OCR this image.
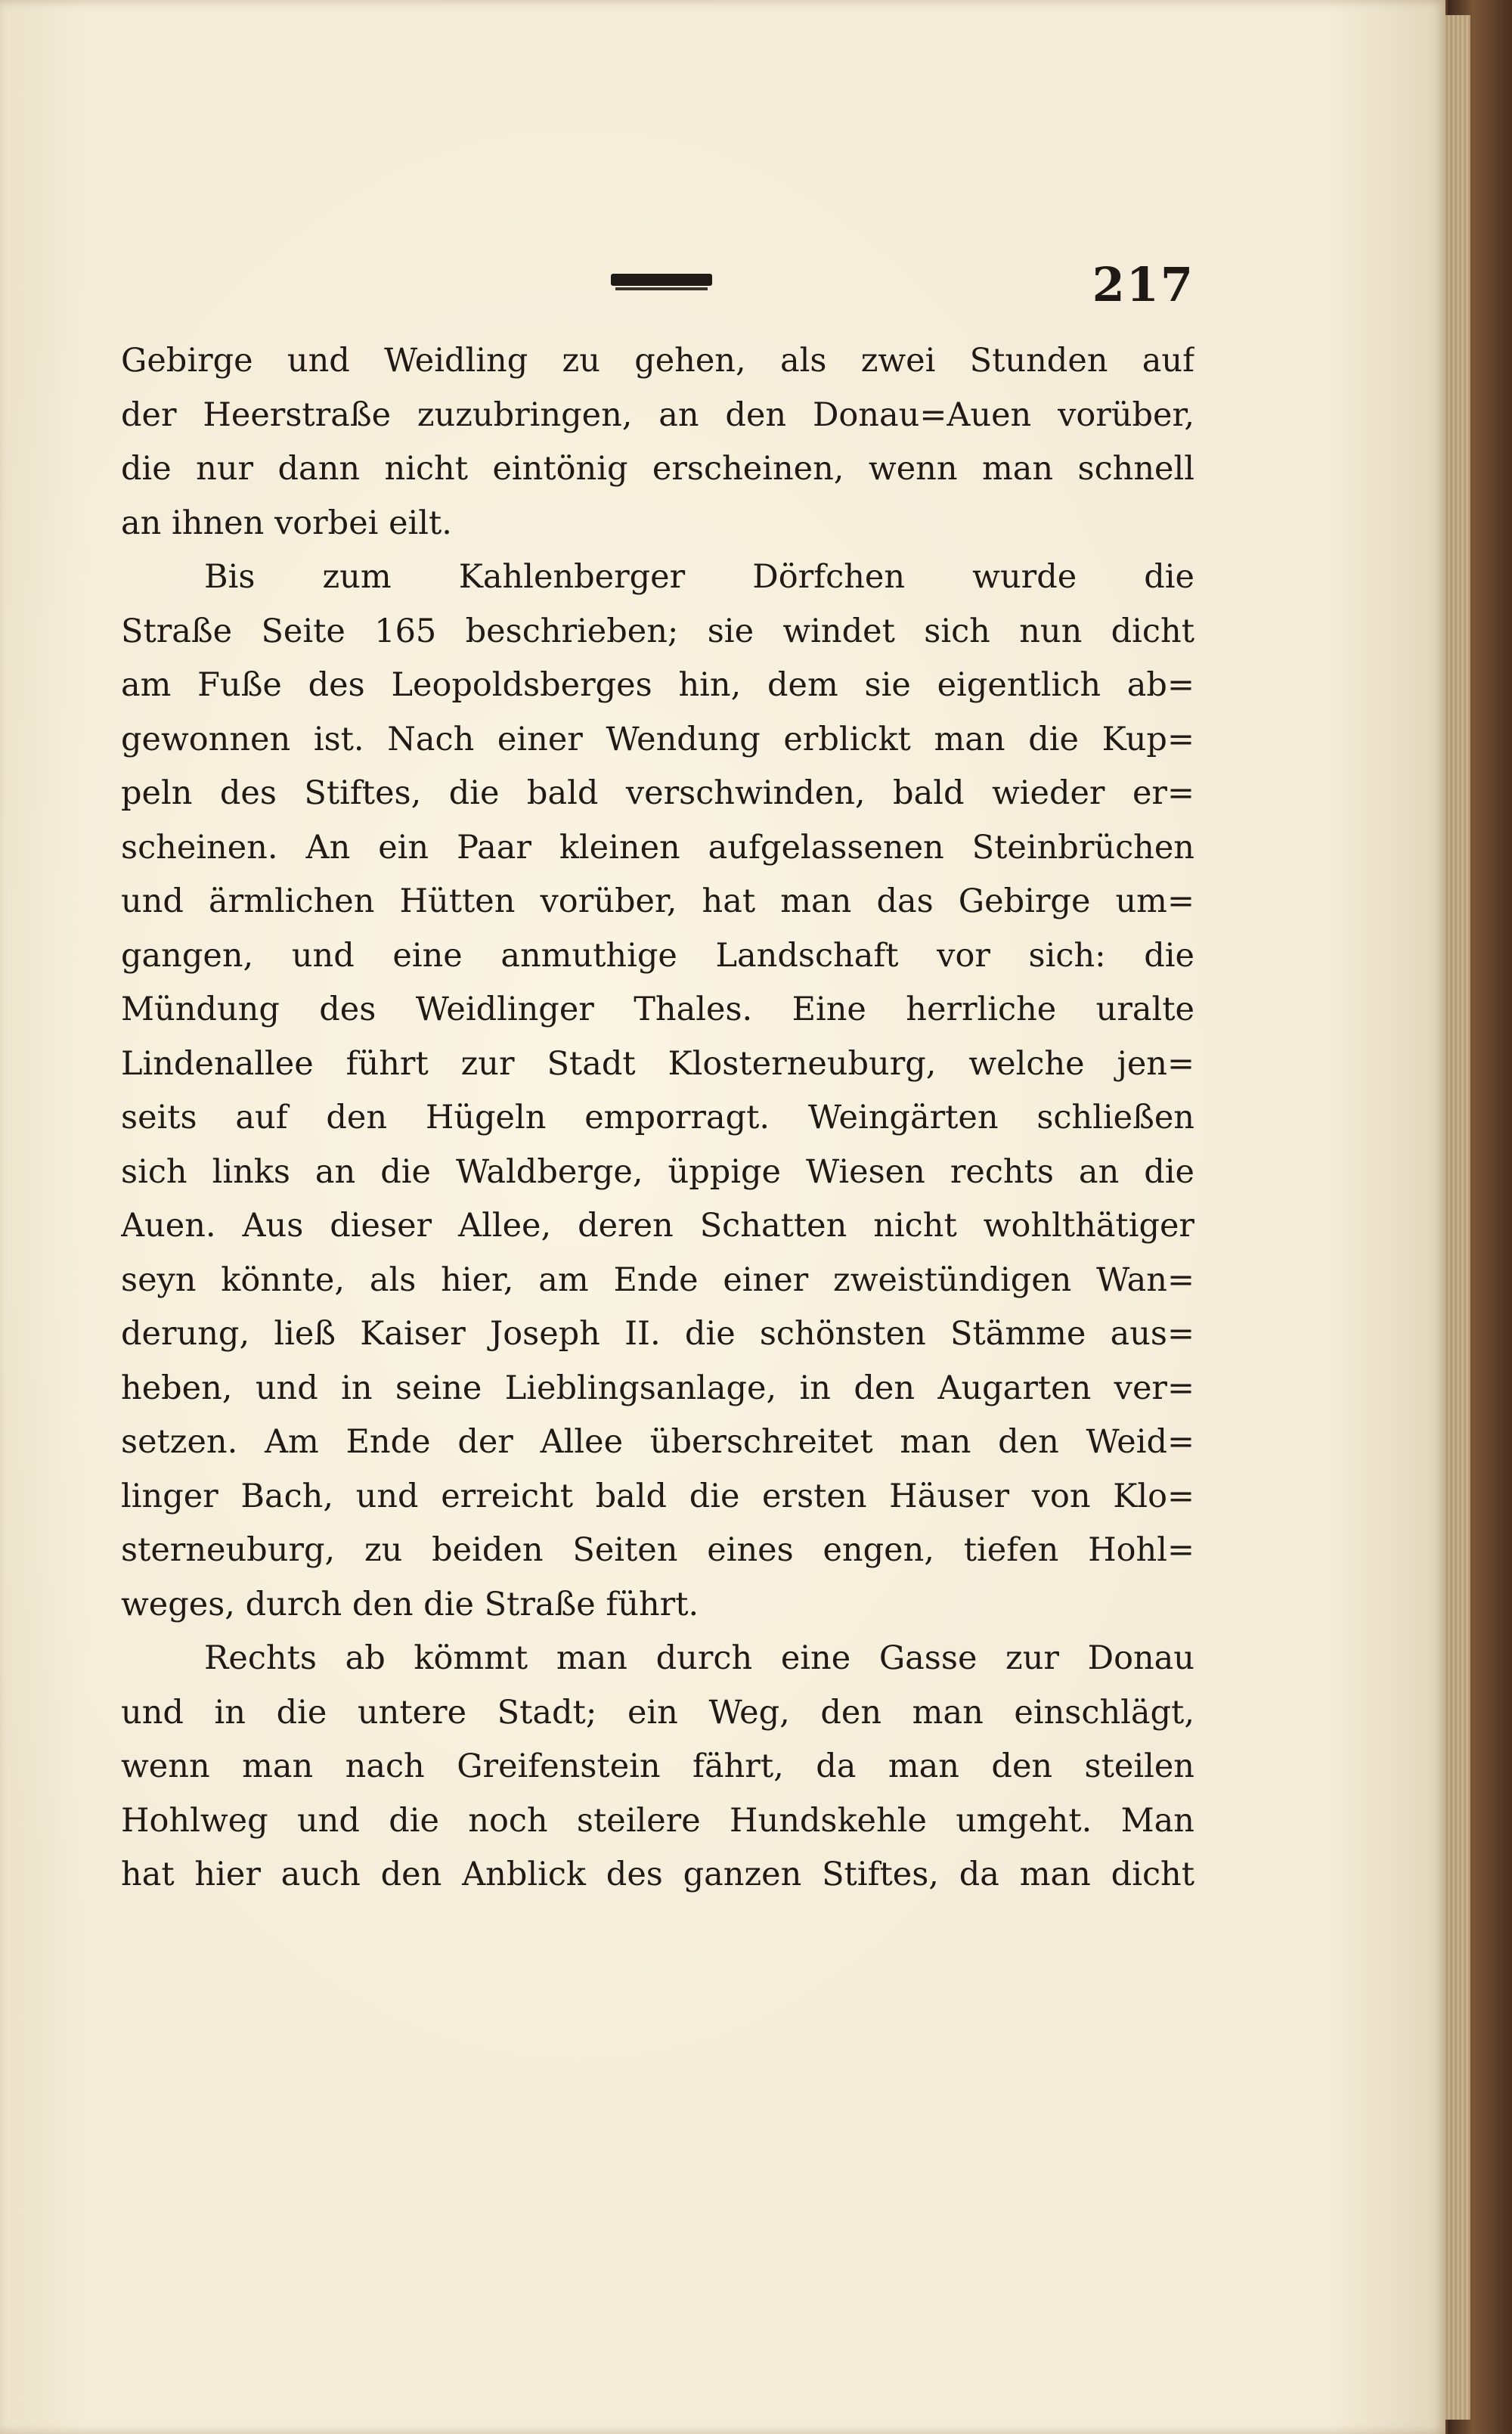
217
Gebirge und Weidling zu gehen, als zwei Stunden auf
der Heerstraße zuzubringen, an den Donau=Auen vorüber,
die nur dann nicht eintönig erscheinen, wenn man schnell
an ihnen vorbei eilt.
Bis zum Kahlenberger Dörfchen wurde die
Straße Seite 165 beschrieben; sie windet sich nun dicht
am Fuße des Leopoldsberges hin, dem sie eigentlich ab=
gewonnen ist. Nach einer Wendung erblickt man die Kup=
peln des Stiftes, die bald verschwinden, bald wieder er=
scheinen. An ein Paar kleinen aufgelassenen Steinbrüchen
und ärmlichen Hütten vorüber, hat man das Gebirge um=
gangen, und eine anmuthige Landschaft vor sich: die
Mündung des Weidlinger Thales. Eine herrliche uralte
Lindenallee führt zur Stadt Klosterneuburg, welche jen=
seits auf den Hügeln emporragt. Weingärten schließen
sich links an die Waldberge, üppige Wiesen rechts an die
Auen. Aus dieser Allee, deren Schatten nicht wohlthätiger
seyn könnte, als hier, am Ende einer zweistündigen Wan=
derung, ließ Kaiser Joseph II. die schönsten Stämme aus=
heben, und in seine Lieblingsanlage, in den Augarten ver=
setzen. Am Ende der Allee überschreitet man den Weid=
linger Bach, und erreicht bald die ersten Häuser von Klo=
sterneuburg, zu beiden Seiten eines engen, tiefen Hohl=
weges, durch den die Straße führt.
Rechts ab kömmt man durch eine Gasse zur Donau
und in die untere Stadt; ein Weg, den man einschlägt,
wenn man nach Greifenstein fährt, da man den steilen
Hohlweg und die noch steilere Hundskehle umgeht. Man
hat hier auch den Anblick des ganzen Stiftes, da man dicht
